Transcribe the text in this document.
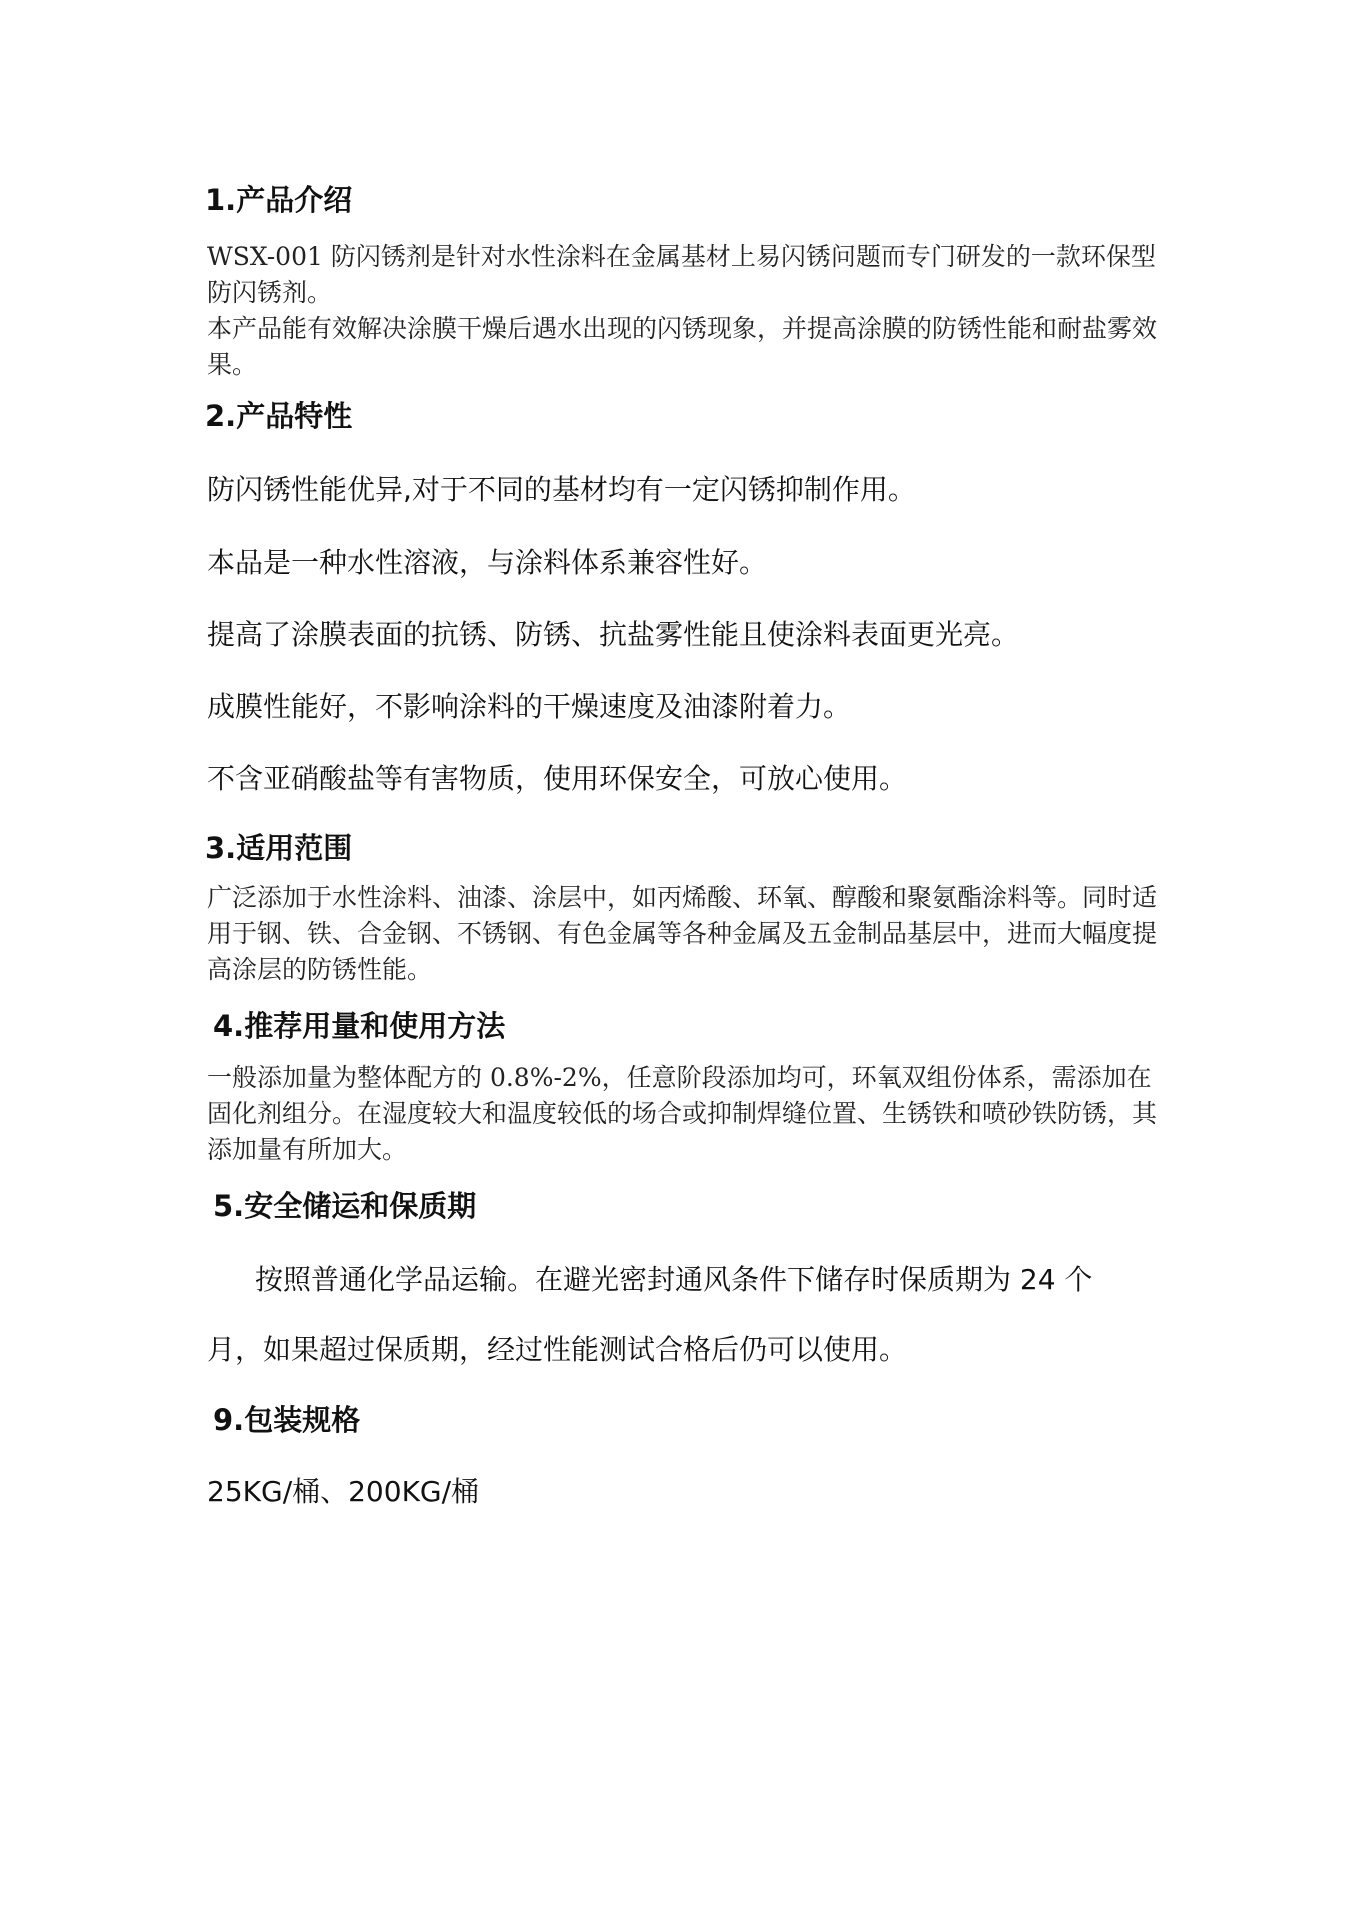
1.产品介绍

WSX-001 防闪锈剂是针对水性涂料在金属基材上易闪锈问题而专门研发的一款环保型防闪锈剂。

本产品能有效解决涂膜干燥后遇水出现的闪锈现象，并提高涂膜的防锈性能和耐盐雾效果。

2.产品特性
防闪锈性能优异,对于不同的基材均有一定闪锈抑制作用。
本品是一种水性溶液，与涂料体系兼容性好。
提高了涂膜表面的抗锈、防锈、抗盐雾性能且使涂料表面更光亮。
成膜性能好，不影响涂料的干燥速度及油漆附着力。
不含亚硝酸盐等有害物质，使用环保安全，可放心使用。
3.适用范围
广泛添加于水性涂料、油漆、涂层中，如丙烯酸、环氧、醇酸和聚氨酯涂料等。同时适用于钢、铁、合金钢、不锈钢、有色金属等各种金属及五金制品基层中，进而大幅度提高涂层的防锈性能。
4.推荐用量和使用方法
一般添加量为整体配方的 0.8%-2%，任意阶段添加均可，环氧双组份体系，需添加在固化剂组分。在湿度较大和温度较低的场合或抑制焊缝位置、生锈铁和喷砂铁防锈，其添加量有所加大。
5.安全储运和保质期
按照普通化学品运输。在避光密封通风条件下储存时保质期为 24 个
月，如果超过保质期，经过性能测试合格后仍可以使用。
9.包装规格
25KG/桶、200KG/桶
